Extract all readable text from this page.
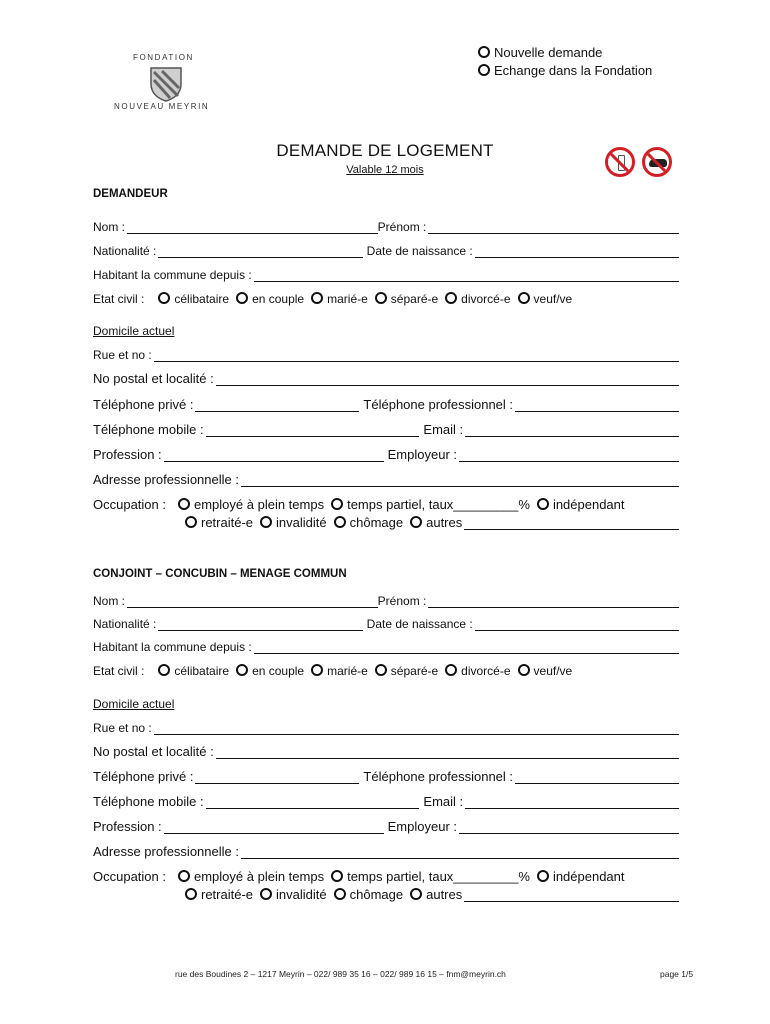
FONDATION
NOUVEAU MEYRIN
Nouvelle demande
Echange dans la Fondation
DEMANDE DE LOGEMENT
Valable 12 mois
DEMANDEUR
Nom :	Prénom :
Nationalité :	Date de naissance :
Habitant la commune depuis :
Etat civil :	célibataire	en couple	marié-e	séparé-e	divorcé-e	veuf/ve
Domicile actuel
Rue et no :
No postal et localité :
Téléphone privé :	Téléphone professionnel :
Téléphone mobile :	Email :
Profession :	Employeur :
Adresse professionnelle :
Occupation :	employé à plein temps	temps partiel, taux_________%	indépendant
retraité-e	invalidité	chômage	autres
CONJOINT – CONCUBIN – MENAGE COMMUN
Nom :	Prénom :
Nationalité :	Date de naissance :
Habitant la commune depuis :
Etat civil :	célibataire	en couple	marié-e	séparé-e	divorcé-e	veuf/ve
Domicile actuel
Rue et no :
No postal et localité :
Téléphone privé :	Téléphone professionnel :
Téléphone mobile :	Email :
Profession :	Employeur :
Adresse professionnelle :
Occupation :	employé à plein temps	temps partiel, taux_________%	indépendant
retraité-e	invalidité	chômage	autres
rue des Boudines 2 – 1217 Meyrin – 022/ 989 35 16 – 022/ 989 16 15 – fnm@meyrin.ch	page 1/5
